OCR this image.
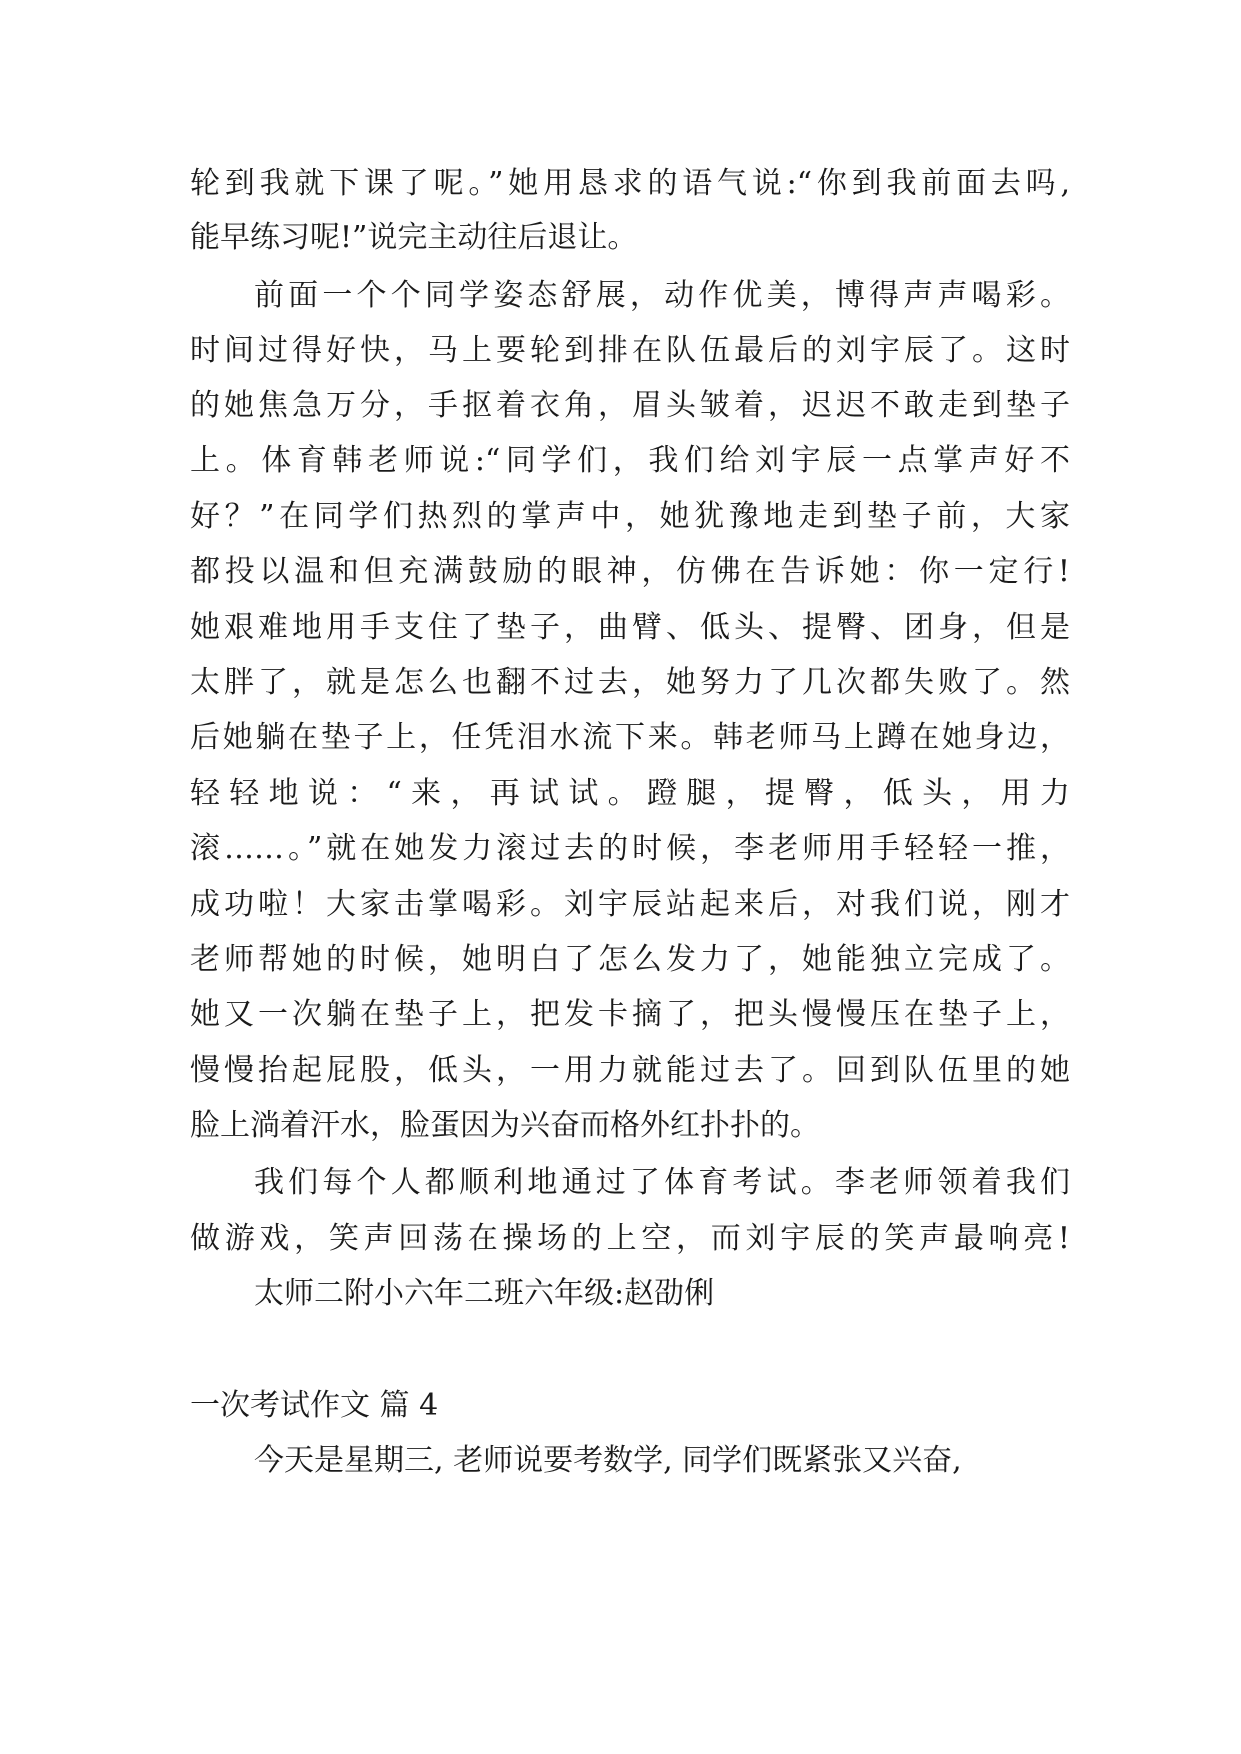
轮到我就下课了呢。”她用恳求的语气说:“你到我前面去吗,
能早练习呢!”说完主动往后退让。
前面一个个同学姿态舒展，动作优美，博得声声喝彩。
时间过得好快，马上要轮到排在队伍最后的刘宇辰了。这时
的她焦急万分，手抠着衣角，眉头皱着，迟迟不敢走到垫子
上。体育韩老师说:“同学们，我们给刘宇辰一点掌声好不
好？”在同学们热烈的掌声中，她犹豫地走到垫子前，大家
都投以温和但充满鼓励的眼神，仿佛在告诉她：你一定行!
她艰难地用手支住了垫子，曲臂、低头、提臀、团身，但是
太胖了，就是怎么也翻不过去，她努力了几次都失败了。然
后她躺在垫子上，任凭泪水流下来。韩老师马上蹲在她身边，
轻轻地说：“来，再试试。蹬腿，提臀，低头，用力
滚……。”就在她发力滚过去的时候，李老师用手轻轻一推，
成功啦！大家击掌喝彩。刘宇辰站起来后，对我们说，刚才
老师帮她的时候，她明白了怎么发力了，她能独立完成了。
她又一次躺在垫子上，把发卡摘了，把头慢慢压在垫子上，
慢慢抬起屁股，低头，一用力就能过去了。回到队伍里的她
脸上淌着汗水，脸蛋因为兴奋而格外红扑扑的。
我们每个人都顺利地通过了体育考试。李老师领着我们
做游戏，笑声回荡在操场的上空，而刘宇辰的笑声最响亮!
太师二附小六年二班六年级:赵劭俐
一次考试作文 篇 4
今天是星期三, 老师说要考数学, 同学们既紧张又兴奋,
